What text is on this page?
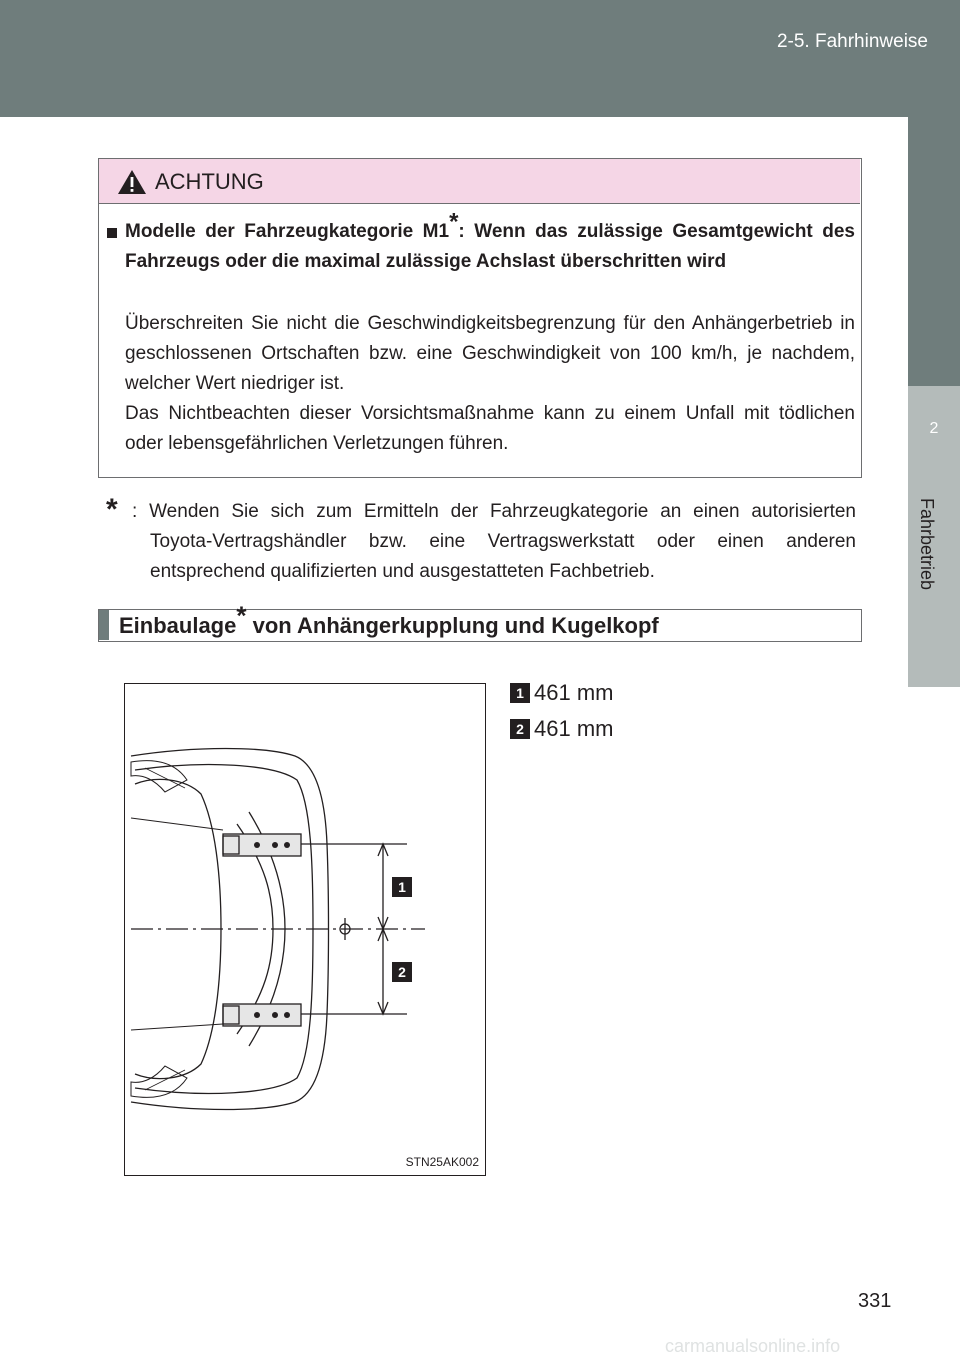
2-5. Fahrhinweise
2
Fahrbetrieb
ACHTUNG
Modelle der Fahrzeugkategorie M1*: Wenn das zulässige Gesamtgewicht des Fahrzeugs oder die maximal zulässige Achslast überschritten wird
Überschreiten Sie nicht die Geschwindigkeitsbegrenzung für den Anhängerbetrieb in geschlossenen Ortschaften bzw. eine Geschwindigkeit von 100 km/h, je nachdem, welcher Wert niedriger ist.
Das Nichtbeachten dieser Vorsichtsmaßnahme kann zu einem Unfall mit tödlichen oder lebensgefährlichen Verletzungen führen.
* : Wenden Sie sich zum Ermitteln der Fahrzeugkategorie an einen autorisierten Toyota-Vertragshändler bzw. eine Vertragswerkstatt oder einen anderen entsprechend qualifizierten und ausgestatteten Fachbetrieb.
Einbaulage* von Anhängerkupplung und Kugelkopf
1
2
STN25AK002
1 461 mm
2 461 mm
331
carmanualsonline.info
